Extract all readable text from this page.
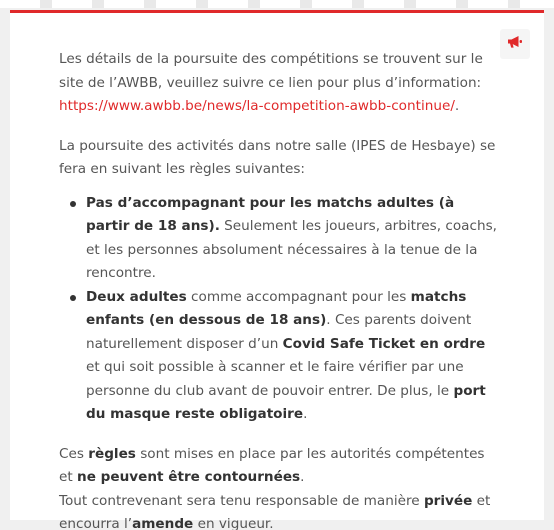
Les détails de la poursuite des compétitions se trouvent sur le site de l’AWBB, veuillez suivre ce lien pour plus d’information: https://www.awbb.be/news/la-competition-awbb-continue/.

La poursuite des activités dans notre salle (IPES de Hesbaye) se fera en suivant les règles suivantes:

Pas d’accompagnant pour les matchs adultes (à partir de 18 ans). Seulement les joueurs, arbitres, coachs, et les personnes absolument nécessaires à la tenue de la rencontre.
Deux adultes comme accompagnant pour les matchs enfants (en dessous de 18 ans). Ces parents doivent naturellement disposer d’un Covid Safe Ticket en ordre et qui soit possible à scanner et le faire vérifier par une personne du club avant de pouvoir entrer. De plus, le port du masque reste obligatoire.

Ces règles sont mises en place par les autorités compétentes et ne peuvent être contournées.
Tout contrevenant sera tenu responsable de manière privée et encourra l’amende en vigueur.
